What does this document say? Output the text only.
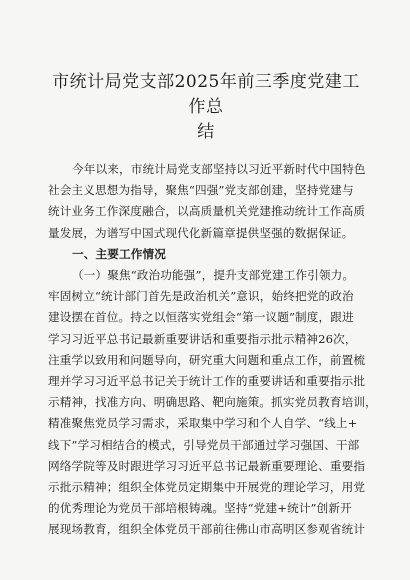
市统计局党支部2025年前三季度党建工作总
结
今年以来，市统计局党支部坚持以习近平新时代中国特色
社会主义思想为指导，聚焦“四强”党支部创建，坚持党建与
统计业务工作深度融合，以高质量机关党建推动统计工作高质
量发展，为谱写中国式现代化新篇章提供坚强的数据保证。
一、主要工作情况
（一）聚焦“政治功能强”，提升支部党建工作引领力。
牢固树立“统计部门首先是政治机关”意识，始终把党的政治
建设摆在首位。持之以恒落实党组会“第一议题”制度，跟进
学习习近平总书记最新重要讲话和重要指示批示精神26次，
注重学以致用和问题导向，研究重大问题和重点工作，前置梳
理并学习习近平总书记关于统计工作的重要讲话和重要指示批
示精神，找准方向、明确思路、靶向施策。抓实党员教育培训，
精准聚焦党员学习需求，采取集中学习和个人自学、“线上+
线下”学习相结合的模式，引导党员干部通过学习强国、干部
网络学院等及时跟进学习习近平总书记最新重要理论、重要指
示批示精神；组织全体党员定期集中开展党的理论学习，用党
的优秀理论为党员干部培根铸魂。坚持“党建+统计”创新开
展现场教育，组织全体党员干部前往佛山市高明区参观省统计
